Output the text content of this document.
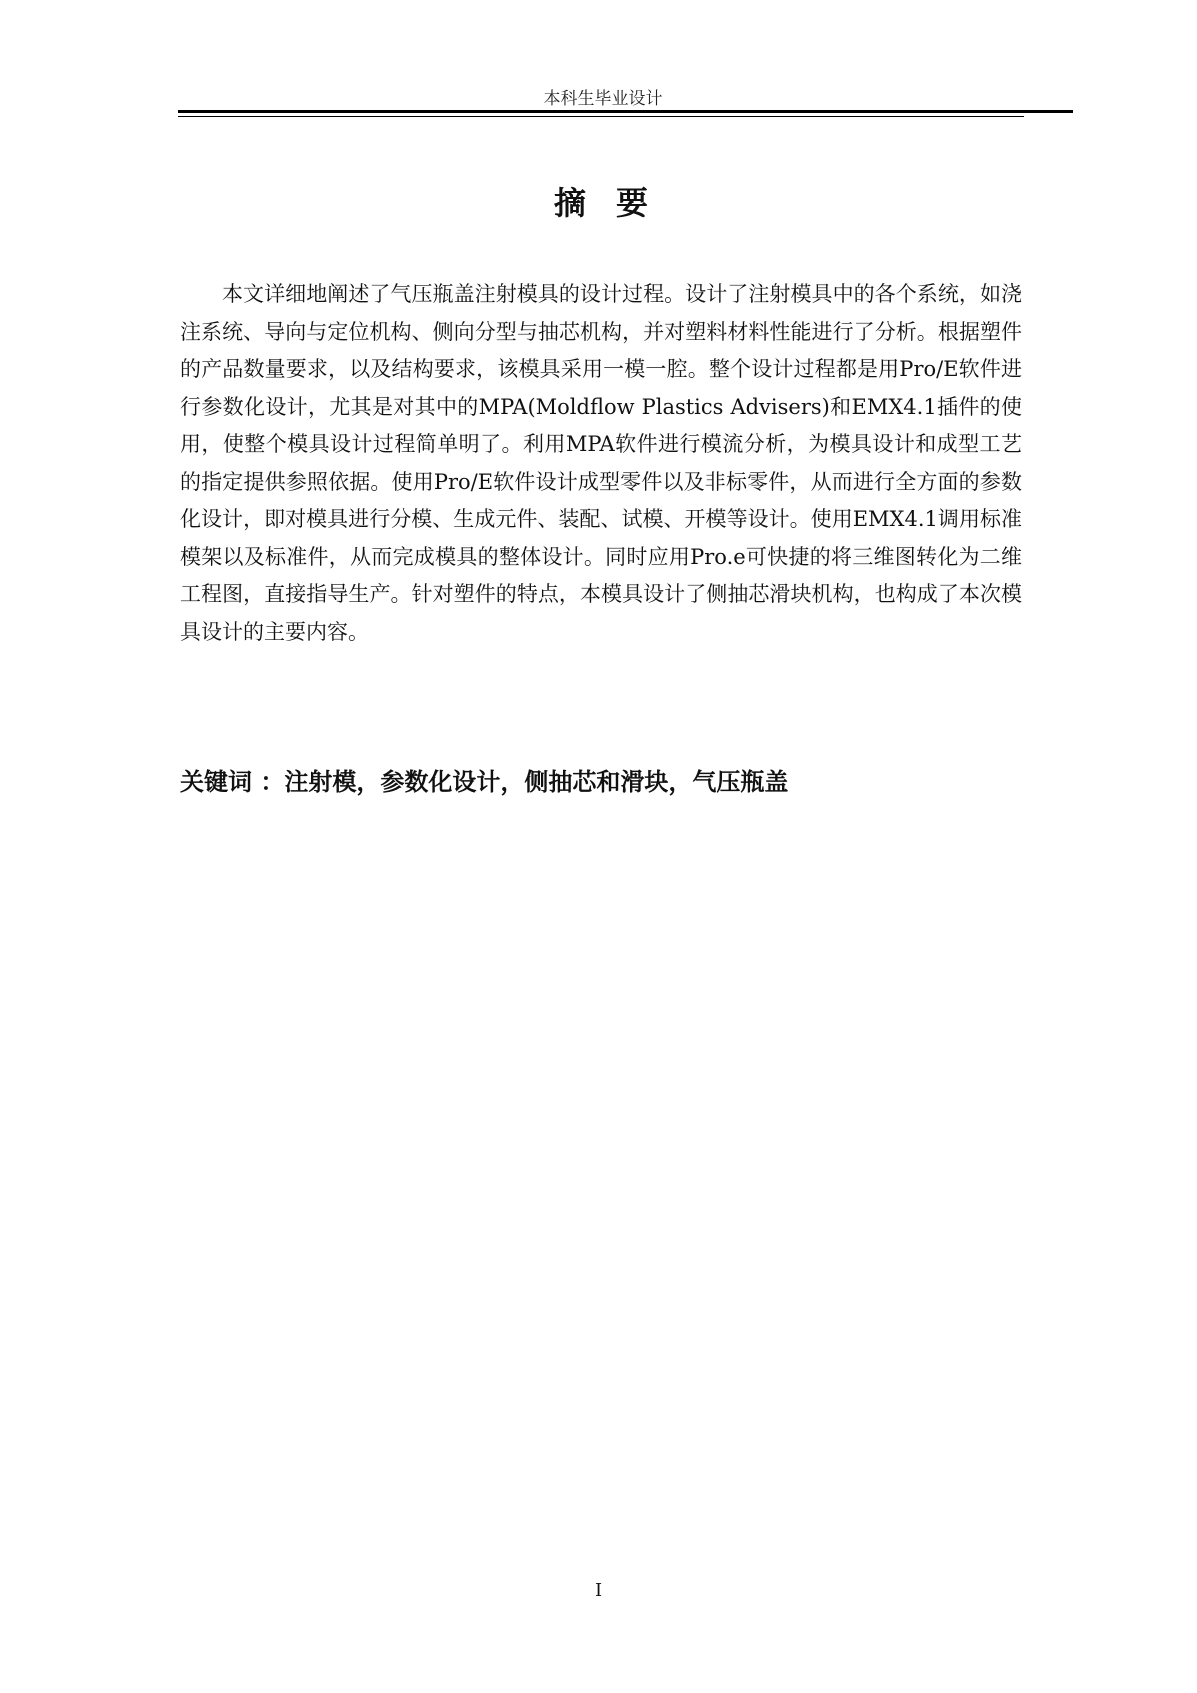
本科生毕业设计
摘要

本文详细地阐述了气压瓶盖注射模具的设计过程。设计了注射模具中的各个系统，如浇注系统、导向与定位机构、侧向分型与抽芯机构，并对塑料材料性能进行了分析。根据塑件的产品数量要求，以及结构要求，该模具采用一模一腔。整个设计过程都是用Pro/E软件进行参数化设计，尤其是对其中的MPA(Moldflow Plastics Advisers)和EMX4.1插件的使用，使整个模具设计过程简单明了。利用MPA软件进行模流分析，为模具设计和成型工艺的指定提供参照依据。使用Pro/E软件设计成型零件以及非标零件，从而进行全方面的参数化设计，即对模具进行分模、生成元件、装配、试模、开模等设计。使用EMX4.1调用标准模架以及标准件，从而完成模具的整体设计。同时应用Pro.e可快捷的将三维图转化为二维工程图，直接指导生产。针对塑件的特点，本模具设计了侧抽芯滑块机构，也构成了本次模具设计的主要内容。

关键词 ：注射模，参数化设计，侧抽芯和滑块，气压瓶盖

I
